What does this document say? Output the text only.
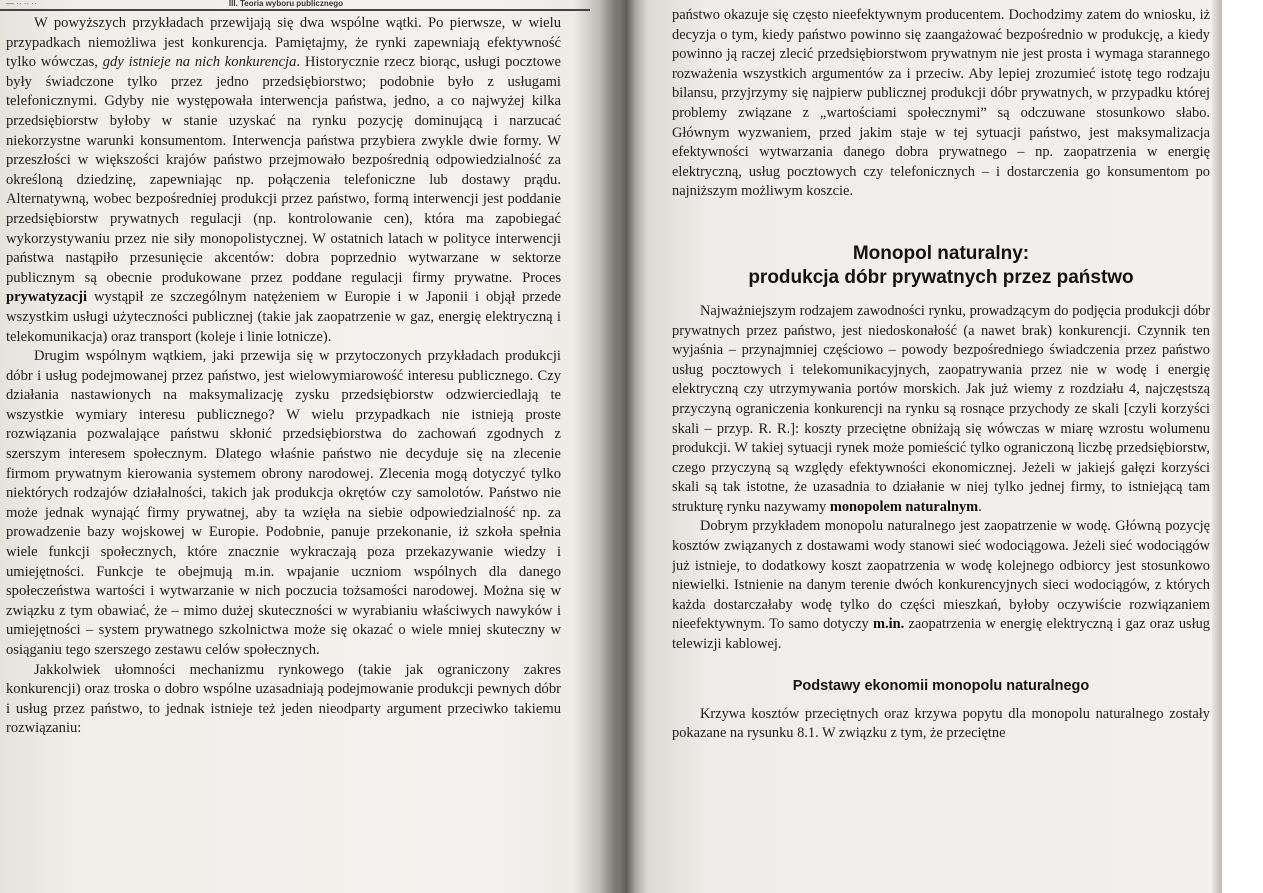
— ·· ·· ··	III. Teoria wyboru publicznego

W powyższych przykładach przewijają się dwa wspólne wątki. Po pierwsze, w wielu przypadkach niemożliwa jest konkurencja. Pamiętajmy, że rynki zapewniają efektywność tylko wówczas, gdy istnieje na nich konkurencja. Historycznie rzecz biorąc, usługi pocztowe były świadczone tylko przez jedno przedsiębiorstwo; podobnie było z usługami telefonicznymi. Gdyby nie występowała interwencja państwa, jedno, a co najwyżej kilka przedsiębiorstw byłoby w stanie uzyskać na rynku pozycję dominującą i narzucać niekorzystne warunki konsumentom. Interwencja państwa przybiera zwykle dwie formy. W przeszłości w większości krajów państwo przejmowało bezpośrednią odpowiedzialność za określoną dziedzinę, zapewniając np. połączenia telefoniczne lub dostawy prądu. Alternatywną, wobec bezpośredniej produkcji przez państwo, formą interwencji jest poddanie przedsiębiorstw prywatnych regulacji (np. kontrolowanie cen), która ma zapobiegać wykorzystywaniu przez nie siły monopolistycznej. W ostatnich latach w polityce interwencji państwa nastąpiło przesunięcie akcentów: dobra poprzednio wytwarzane w sektorze publicznym są obecnie produkowane przez poddane regulacji firmy prywatne. Proces prywatyzacji wystąpił ze szczególnym natężeniem w Europie i w Japonii i objął przede wszystkim usługi użyteczności publicznej (takie jak zaopatrzenie w gaz, energię elektryczną i telekomunikacja) oraz transport (koleje i linie lotnicze).

Drugim wspólnym wątkiem, jaki przewija się w przytoczonych przykładach produkcji dóbr i usług podejmowanej przez państwo, jest wielowymiarowość interesu publicznego. Czy działania nastawionych na maksymalizację zysku przedsiębiorstw odzwierciedlają te wszystkie wymiary interesu publicznego? W wielu przypadkach nie istnieją proste rozwiązania pozwalające państwu skłonić przedsiębiorstwa do zachowań zgodnych z szerszym interesem społecznym. Dlatego właśnie państwo nie decyduje się na zlecenie firmom prywatnym kierowania systemem obrony narodowej. Zlecenia mogą dotyczyć tylko niektórych rodzajów działalności, takich jak produkcja okrętów czy samolotów. Państwo nie może jednak wynająć firmy prywatnej, aby ta wzięła na siebie odpowiedzialność np. za prowadzenie bazy wojskowej w Europie. Podobnie, panuje przekonanie, iż szkoła spełnia wiele funkcji społecznych, które znacznie wykraczają poza przekazywanie wiedzy i umiejętności. Funkcje te obejmują m.in. wpajanie uczniom wspólnych dla danego społeczeństwa wartości i wytwarzanie w nich poczucia tożsamości narodowej. Można się w związku z tym obawiać, że – mimo dużej skuteczności w wyrabianiu właściwych nawyków i umiejętności – system prywatnego szkolnictwa może się okazać o wiele mniej skuteczny w osiąganiu tego szerszego zestawu celów społecznych.

Jakkolwiek ułomności mechanizmu rynkowego (takie jak ograniczony zakres konkurencji) oraz troska o dobro wspólne uzasadniają podejmowanie produkcji pewnych dóbr i usług przez państwo, to jednak istnieje też jeden nieodparty argument przeciwko takiemu rozwiązaniu:

państwo okazuje się często nieefektywnym producentem. Dochodzimy zatem do wniosku, iż decyzja o tym, kiedy państwo powinno się zaangażować bezpośrednio w produkcję, a kiedy powinno ją raczej zlecić przedsiębiorstwom prywatnym nie jest prosta i wymaga starannego rozważenia wszystkich argumentów za i przeciw. Aby lepiej zrozumieć istotę tego rodzaju bilansu, przyjrzymy się najpierw publicznej produkcji dóbr prywatnych, w przypadku której problemy związane z „wartościami społecznymi” są odczuwane stosunkowo słabo. Głównym wyzwaniem, przed jakim staje w tej sytuacji państwo, jest maksymalizacja efektywności wytwarzania danego dobra prywatnego – np. zaopatrzenia w energię elektryczną, usług pocztowych czy telefonicznych – i dostarczenia go konsumentom po najniższym możliwym koszcie.

Monopol naturalny:
produkcja dóbr prywatnych przez państwo

Najważniejszym rodzajem zawodności rynku, prowadzącym do podjęcia produkcji dóbr prywatnych przez państwo, jest niedoskonałość (a nawet brak) konkurencji. Czynnik ten wyjaśnia – przynajmniej częściowo – powody bezpośredniego świadczenia przez państwo usług pocztowych i telekomunikacyjnych, zaopatrywania przez nie w wodę i energię elektryczną czy utrzymywania portów morskich. Jak już wiemy z rozdziału 4, najczęstszą przyczyną ograniczenia konkurencji na rynku są rosnące przychody ze skali [czyli korzyści skali – przyp. R. R.]: koszty przeciętne obniżają się wówczas w miarę wzrostu wolumenu produkcji. W takiej sytuacji rynek może pomieścić tylko ograniczoną liczbę przedsiębiorstw, czego przyczyną są względy efektywności ekonomicznej. Jeżeli w jakiejś gałęzi korzyści skali są tak istotne, że uzasadnia to działanie w niej tylko jednej firmy, to istniejącą tam strukturę rynku nazywamy monopolem naturalnym.

Dobrym przykładem monopolu naturalnego jest zaopatrzenie w wodę. Główną pozycję kosztów związanych z dostawami wody stanowi sieć wodociągowa. Jeżeli sieć wodociągów już istnieje, to dodatkowy koszt zaopatrzenia w wodę kolejnego odbiorcy jest stosunkowo niewielki. Istnienie na danym terenie dwóch konkurencyjnych sieci wodociągów, z których każda dostarczałaby wodę tylko do części mieszkań, byłoby oczywiście rozwiązaniem nieefektywnym. To samo dotyczy m.in. zaopatrzenia w energię elektryczną i gaz oraz usług telewizji kablowej.

Podstawy ekonomii monopolu naturalnego

Krzywa kosztów przeciętnych oraz krzywa popytu dla monopolu naturalnego zostały pokazane na rysunku 8.1. W związku z tym, że przeciętne
